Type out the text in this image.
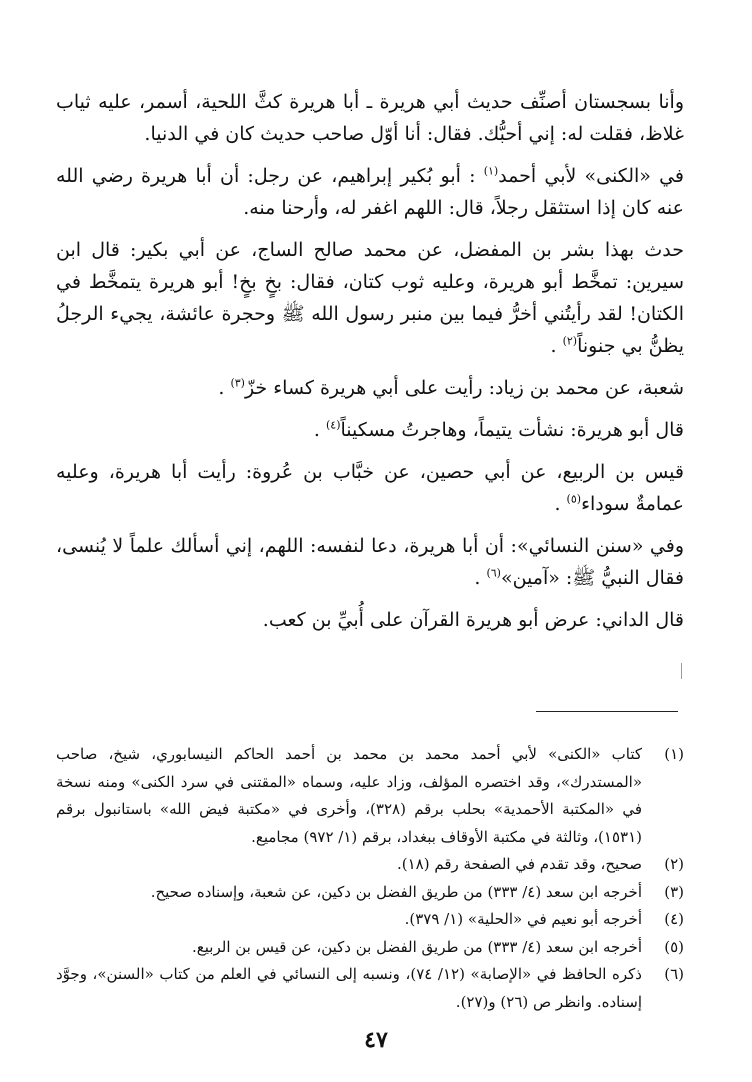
وأنا بسجستان أصنِّف حديث أبي هريرة ـ أبا هريرة كثَّ اللحية، أسمر، عليه ثياب غلاظ، فقلت له: إني أحبُّك. فقال: أنا أوّل صاحب حديث كان في الدنيا.

في «الكنى» لأبي أحمد$^{(١)}$ : أبو بُكير إبراهيم، عن رجل: أن أبا هريرة رضي الله عنه كان إذا استثقل رجلاً، قال: اللهم اغفر له، وأرحنا منه.

حدث بهذا بشر بن المفضل، عن محمد صالح الساج، عن أبي بكير: قال ابن سيرين: تمخَّط أبو هريرة، وعليه ثوب كتان، فقال: بخٍ بخٍ! أبو هريرة يتمخَّط في الكتان! لقد رأيتُني أخرُّ فيما بين منبر رسول الله ﷺ وحجرة عائشة، يجيء الرجلُ يظنُّ بي جنوناً$^{(٢)}$ .

شعبة، عن محمد بن زياد: رأيت على أبي هريرة كساء خزّ$^{(٣)}$ .

قال أبو هريرة: نشأت يتيماً، وهاجرتُ مسكيناً$^{(٤)}$ .

قيس بن الربيع، عن أبي حصين، عن خبَّاب بن عُروة: رأيت أبا هريرة، وعليه عمامةٌ سوداء$^{(٥)}$ .

وفي «سنن النسائي»: أن أبا هريرة، دعا لنفسه: اللهم، إني أسألك علماً لا يُنسى، فقال النبيُّ ﷺ: «آمين»$^{(٦)}$ .

قال الداني: عرض أبو هريرة القرآن على أُبيِّ بن كعب.

(١)
كتاب «الكنى» لأبي أحمد محمد بن محمد بن أحمد الحاكم النيسابوري، شيخ، صاحب «المستدرك»، وقد اختصره المؤلف، وزاد عليه، وسماه «المقتنى في سرد الكنى» ومنه نسخة في «المكتبة الأحمدية» بحلب برقم (٣٢٨)، وأخرى في «مكتبة فيض الله» باستانبول برقم (١٥٣١)، وثالثة في مكتبة الأوقاف ببغداد، برقم (١/ ٩٧٢) مجاميع.

(٢)
صحيح، وقد تقدم في الصفحة رقم (١٨).

(٣)
أخرجه ابن سعد (٤/ ٣٣٣) من طريق الفضل بن دكين، عن شعبة، وإسناده صحيح.

(٤)
أخرجه أبو نعيم في «الحلية» (١/ ٣٧٩).

(٥)
أخرجه ابن سعد (٤/ ٣٣٣) من طريق الفضل بن دكين، عن قيس بن الربيع.

(٦)
ذكره الحافظ في «الإصابة» (١٢/ ٧٤)، ونسبه إلى النسائي في العلم من كتاب «السنن»، وجوَّد إسناده. وانظر ص (٢٦) و(٢٧).

٤٧
